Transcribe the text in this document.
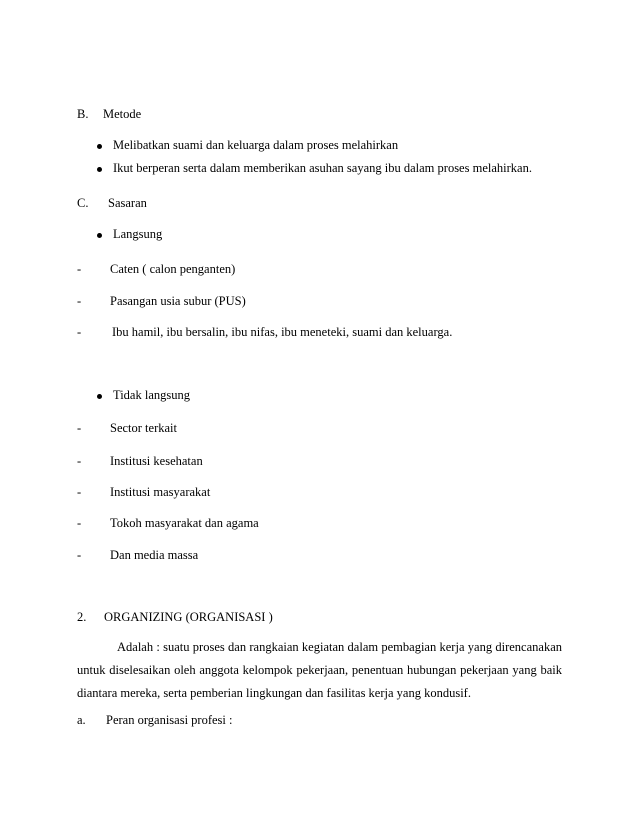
B. Metode
Melibatkan suami dan keluarga dalam proses melahirkan
Ikut berperan serta dalam memberikan asuhan sayang ibu dalam proses melahirkan.
C. Sasaran
Langsung
- Caten ( calon penganten)
- Pasangan usia subur (PUS)
- Ibu hamil, ibu bersalin, ibu nifas, ibu meneteki, suami dan keluarga.
Tidak langsung
- Sector terkait
- Institusi kesehatan
- Institusi masyarakat
- Tokoh masyarakat dan agama
- Dan media massa
2. ORGANIZING (ORGANISASI )
Adalah : suatu proses dan rangkaian kegiatan dalam pembagian kerja yang direncanakan untuk diselesaikan oleh anggota kelompok pekerjaan, penentuan hubungan pekerjaan yang baik diantara mereka, serta pemberian lingkungan dan fasilitas kerja yang kondusif.
a. Peran organisasi profesi :
